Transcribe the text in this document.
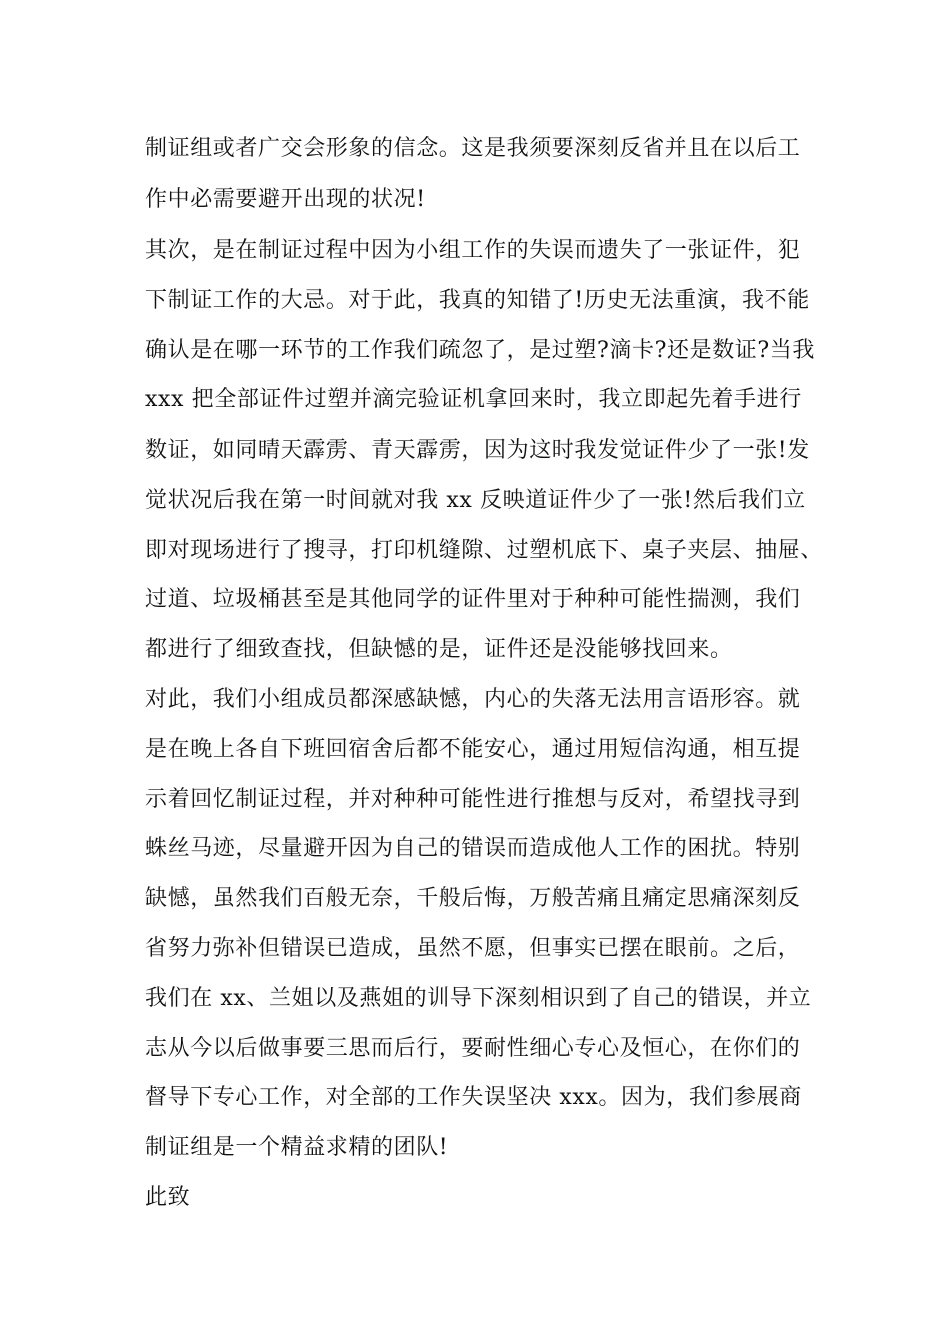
制证组或者广交会形象的信念。这是我须要深刻反省并且在以后工
作中必需要避开出现的状况!
其次，是在制证过程中因为小组工作的失误而遗失了一张证件，犯
下制证工作的大忌。对于此，我真的知错了!历史无法重演，我不能
确认是在哪一环节的工作我们疏忽了，是过塑?滴卡?还是数证?当我
xxx 把全部证件过塑并滴完验证机拿回来时，我立即起先着手进行
数证，如同晴天霹雳、青天霹雳，因为这时我发觉证件少了一张!发
觉状况后我在第一时间就对我 xx 反映道证件少了一张!然后我们立
即对现场进行了搜寻，打印机缝隙、过塑机底下、桌子夹层、抽屉、
过道、垃圾桶甚至是其他同学的证件里对于种种可能性揣测，我们
都进行了细致查找，但缺憾的是，证件还是没能够找回来。
对此，我们小组成员都深感缺憾，内心的失落无法用言语形容。就
是在晚上各自下班回宿舍后都不能安心，通过用短信沟通，相互提
示着回忆制证过程，并对种种可能性进行推想与反对，希望找寻到
蛛丝马迹，尽量避开因为自己的错误而造成他人工作的困扰。特别
缺憾，虽然我们百般无奈，千般后悔，万般苦痛且痛定思痛深刻反
省努力弥补但错误已造成，虽然不愿，但事实已摆在眼前。之后，
我们在 xx、兰姐以及燕姐的训导下深刻相识到了自己的错误，并立
志从今以后做事要三思而后行，要耐性细心专心及恒心，在你们的
督导下专心工作，对全部的工作失误坚决 xxx。因为，我们参展商
制证组是一个精益求精的团队!
此致
